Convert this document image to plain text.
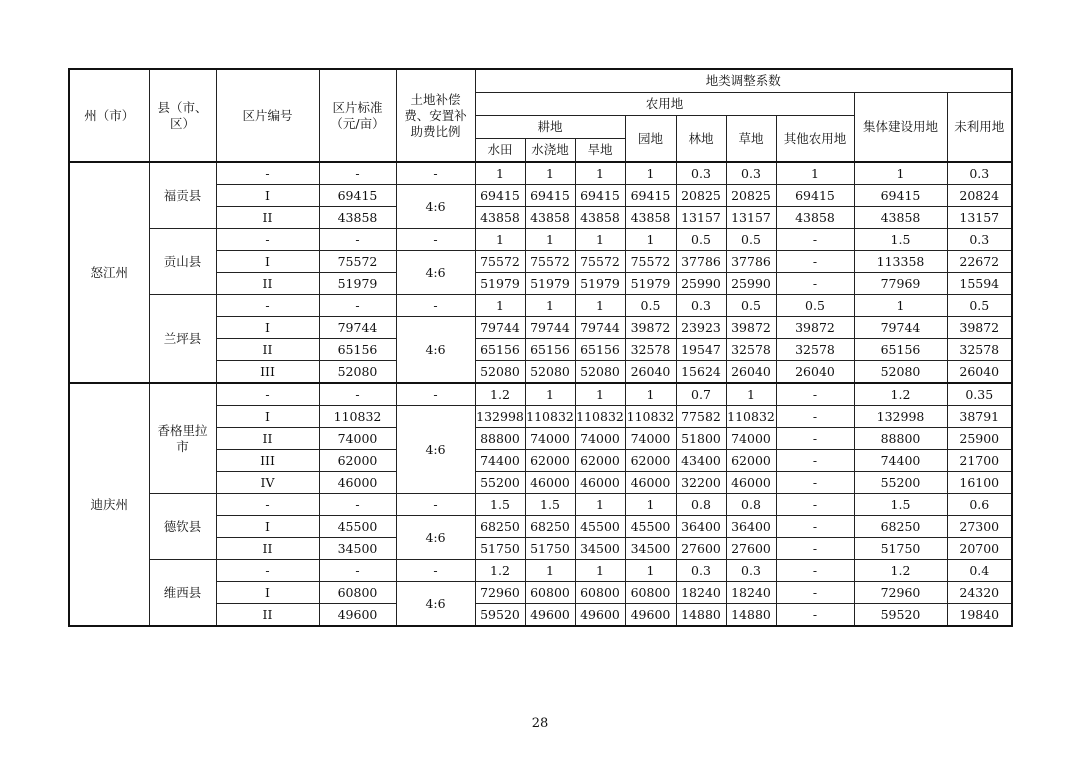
州（市）	县（市、区）	区片编号	区片标准（元/亩）	土地补偿费、安置补助费比例	地类调整系数								
					农用地							集体建设用地	未利用地
					耕地			园地	林地	草地	其他农用地		
					水田	水浇地	旱地						
怒江州	福贡县	-	-	-	1	1	1	1	0.3	0.3	1	1	0.3
		I	69415	4:6	69415	69415	69415	69415	20825	20825	69415	69415	20824
		II	43858		43858	43858	43858	43858	13157	13157	43858	43858	13157
	贡山县	-	-	-	1	1	1	1	0.5	0.5	-	1.5	0.3
		I	75572	4:6	75572	75572	75572	75572	37786	37786	-	113358	22672
		II	51979		51979	51979	51979	51979	25990	25990	-	77969	15594
	兰坪县	-	-	-	1	1	1	0.5	0.3	0.5	0.5	1	0.5
		I	79744	4:6	79744	79744	79744	39872	23923	39872	39872	79744	39872
		II	65156		65156	65156	65156	32578	19547	32578	32578	65156	32578
		III	52080		52080	52080	52080	26040	15624	26040	26040	52080	26040
迪庆州	香格里拉市	-	-	-	1.2	1	1	1	0.7	1	-	1.2	0.35
		I	110832	4:6	132998	110832	110832	110832	77582	110832	-	132998	38791
		II	74000		88800	74000	74000	74000	51800	74000	-	88800	25900
		III	62000		74400	62000	62000	62000	43400	62000	-	74400	21700
		IV	46000		55200	46000	46000	46000	32200	46000	-	55200	16100
	德钦县	-	-	-	1.5	1.5	1	1	0.8	0.8	-	1.5	0.6
		I	45500	4:6	68250	68250	45500	45500	36400	36400	-	68250	27300
		II	34500		51750	51750	34500	34500	27600	27600	-	51750	20700
	维西县	-	-	-	1.2	1	1	1	0.3	0.3	-	1.2	0.4
		I	60800	4:6	72960	60800	60800	60800	18240	18240	-	72960	24320
		II	49600		59520	49600	49600	49600	14880	14880	-	59520	19840
28
